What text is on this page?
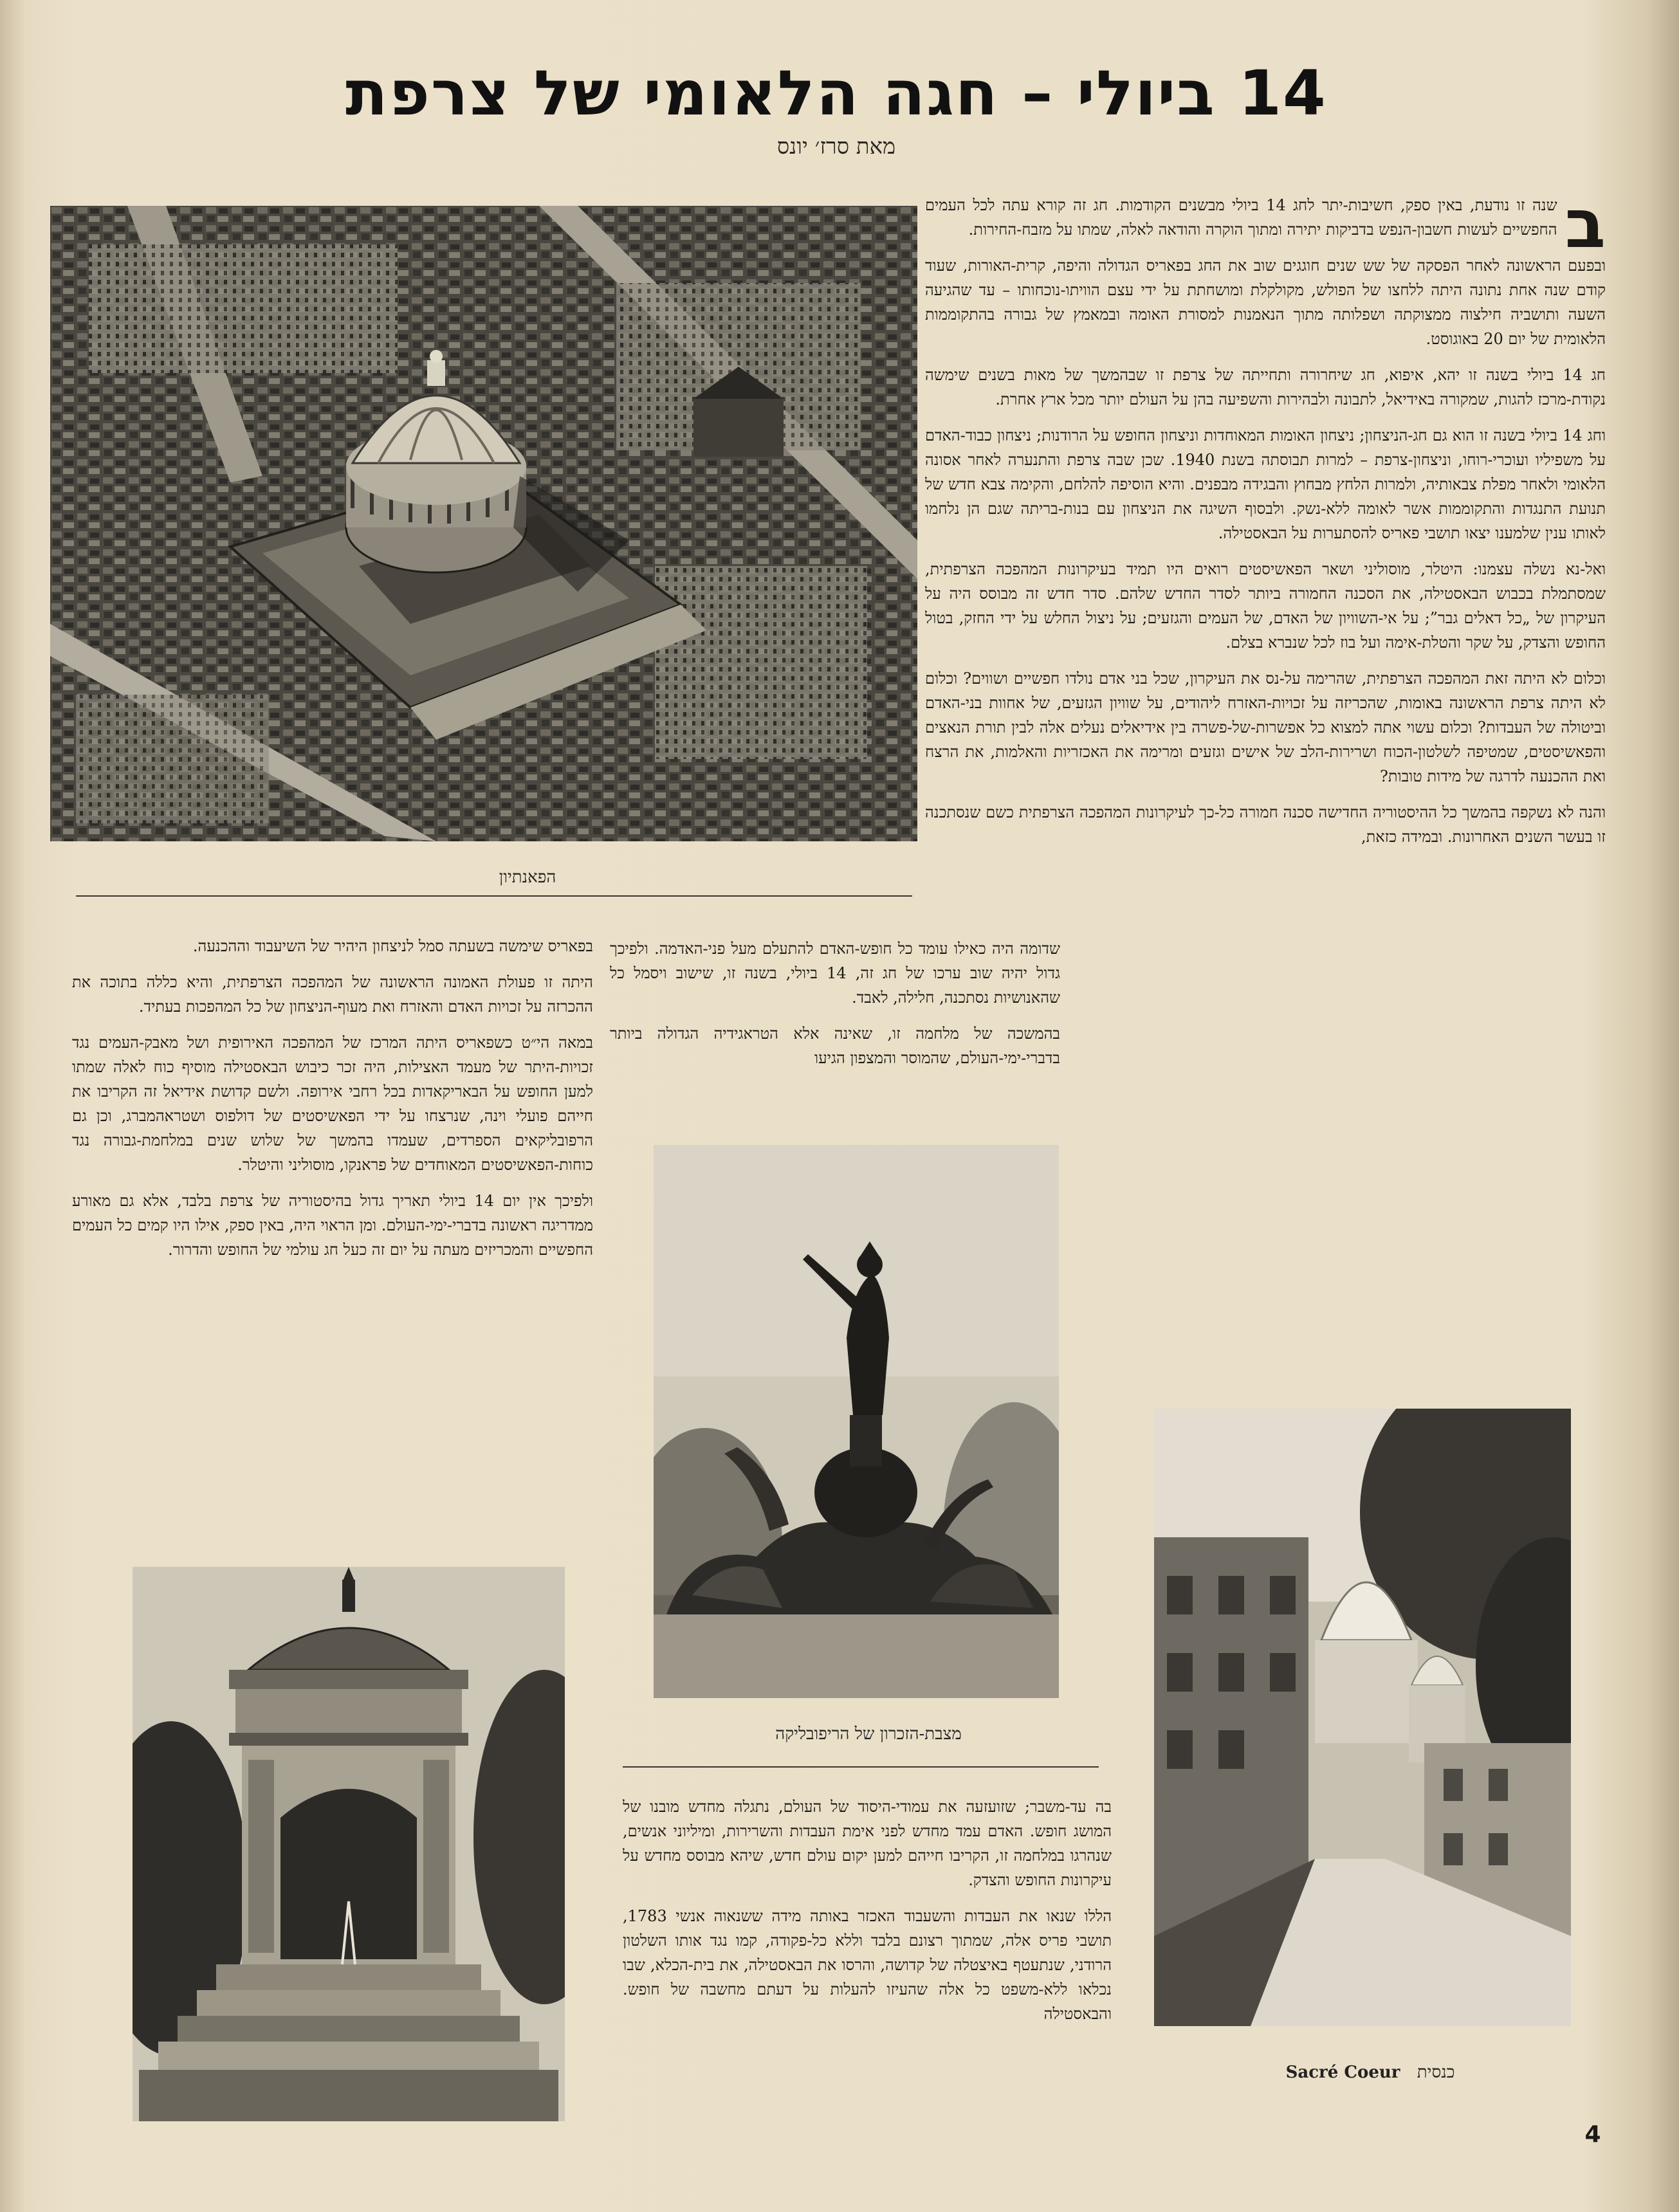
14 ביולי – חגה הלאומי של צרפת
מאת סרז׳ יונס
הפאנתיון
ב

שנה זו נודעת, באין ספק, חשיבות-יתר לחג 14 ביולי מבשנים הקודמות. חג זה קורא עתה לכל העמים החפשיים לעשות חשבון-הנפש בדביקות יתירה ומתוך הוקרה והודאה לאלה, שמתו על מזבח-החירות.

ובפעם הראשונה לאחר הפסקה של שש שנים חוגגים שוב את החג בפאריס הגדולה והיפה, קרית-האורות, שעוד קודם שנה אחת נתונה היתה ללחצו של הפולש, מקולקלת ומושחתת על ידי עצם הוויתו-נוכחותו – עד שהגיעה השעה ותושביה חילצוה ממצוקתה ושפלותה מתוך הנאמנות למסורת האומה ובמאמץ של גבורה בהתקוממות הלאומית של יום 20 באוגוסט.

חג 14 ביולי בשנה זו יהא, איפוא, חג שיחרורה ותחייתה של צרפת זו שבהמשך של מאות בשנים שימשה נקודת-מרכז להגות, שמקורה באידיאל, לתבונה ולבהירות והשפיעה בהן על העולם יותר מכל ארץ אחרת.

וחג 14 ביולי בשנה זו הוא גם חג-הניצחון; ניצחון האומות המאוחדות וניצחון החופש על הרודנות; ניצחון כבוד-האדם על משפיליו ועוכרי-רוחו, וניצחון-צרפת – למרות תבוסתה בשנת 1940. שכן שבה צרפת והתנערה לאחר אסונה הלאומי ולאחר מפלת צבאותיה, ולמרות הלחץ מבחוץ והבגידה מבפנים. והיא הוסיפה להלחם, והקימה צבא חדש של תנועת התנגדות והתקוממות אשר לאומה ללא-נשק. ולבסוף השיגה את הניצחון עם בנות-בריתה שגם הן נלחמו לאותו ענין שלמענו יצאו תושבי פאריס להסתערות על הבאסטילה.

ואל-נא נשלה עצמנו: היטלר, מוסוליני ושאר הפאשיסטים רואים היו תמיד בעיקרונות המהפכה הצרפתית, שמסתמלת בכבוש הבאסטילה, את הסכנה החמורה ביותר לסדר החדש שלהם. סדר חדש זה מבוסס היה על העיקרון של „כל דאלים גבר”; על אי-השוויון של האדם, של העמים והגזעים; על ניצול החלש על ידי החזק, בטול החופש והצדק, על שקר והטלת-אימה ועל בוז לכל שנברא בצלם.

וכלום לא היתה זאת המהפכה הצרפתית, שהרימה על-נס את העיקרון, שכל בני אדם נולדו חפשיים ושווים? וכלום לא היתה צרפת הראשונה באומות, שהכריזה על זכויות-האזרח ליהודים, על שוויון הגזעים, של אחוות בני-האדם וביטולה של העבדות? וכלום עשוי אתה למצוא כל אפשרות-של-פשרה בין אידיאלים נעלים אלה לבין תורת הנאצים והפאשיסטים, שמטיפה לשלטון-הכוח ושרירות-הלב של אישים וגזעים ומרימה את האכזריות והאלמות, את הרצח ואת ההכנעה לדרגה של מידות טובות?

והנה לא נשקפה בהמשך כל ההיסטוריה החדישה סכנה חמורה כל-כך לעיקרונות המהפכה הצרפתית כשם שנסתכנה זו בעשר השנים האחרונות. ובמידה כזאת,

שדומה היה כאילו עומד כל חופש-האדם להתעלם מעל פני-האדמה. ולפיכך גדול יהיה שוב ערכו של חג זה, 14 ביולי, בשנה זו, שישוב ויסמל כל שהאנושיות נסתכנה, חלילה, לאבד.

בהמשכה של מלחמה זו, שאינה אלא הטראגידיה הגדולה ביותר בדברי-ימי-העולם, שהמוסר והמצפון הגיעו

בפאריס שימשה בשעתה סמל לניצחון היהיר של השיעבוד וההכנעה.

היתה זו פעולת האמונה הראשונה של המהפכה הצרפתית, והיא כללה בתוכה את ההכרזה על זכויות האדם והאזרח ואת מעוף-הניצחון של כל המהפכות בעתיד.

במאה הי״ט כשפאריס היתה המרכז של המהפכה האירופית ושל מאבק-העמים נגד זכויות-היתר של מעמד האצילות, היה זכר כיבוש הבאסטילה מוסיף כוח לאלה שמתו למען החופש על הבאריקאדות בכל רחבי אירופה. ולשם קדושת אידיאל זה הקריבו את חייהם פועלי וינה, שנרצחו על ידי הפאשיסטים של דולפוס ושטראהמברג, וכן גם הרפובליקאים הספרדים, שעמדו בהמשך של שלוש שנים במלחמת-גבורה נגד כוחות-הפאשיסטים המאוחדים של פראנקו, מוסוליני והיטלר.

ולפיכך אין יום 14 ביולי תאריך גדול בהיסטוריה של צרפת בלבד, אלא גם מאורע ממדריגה ראשונה בדברי-ימי-העולם. ומן הראוי היה, באין ספק, אילו היו קמים כל העמים החפשיים והמכריזים מעתה על יום זה כעל חג עולמי של החופש והדרור.

מצבת-הזכרון של הריפובליקה

בה עד-משבר; שזועזעה את עמודי-היסוד של העולם, נתגלה מחדש מובנו של המושג חופש. האדם עמד מחדש לפני אימת העבדות והשרירות, ומיליוני אנשים, שנהרגו במלחמה זו, הקריבו חייהם למען יקום עולם חדש, שיהא מבוסס מחדש על עיקרונות החופש והצדק.

הללו שנאו את העבדות והשעבוד האכזר באותה מידה ששנאוה אנשי 1783, תושבי פריס אלה, שמתוך רצונם בלבד וללא כל-פקודה, קמו נגד אותו השלטון הרודני, שנתעטף באיצטלה של קדושה, והרסו את הבאסטילה, את בית-הכלא, שבו נכלאו ללא-משפט כל אלה שהעיזו להעלות על דעתם מחשבה של חופש. והבאסטילה

Sacré Coeur כנסית
4
